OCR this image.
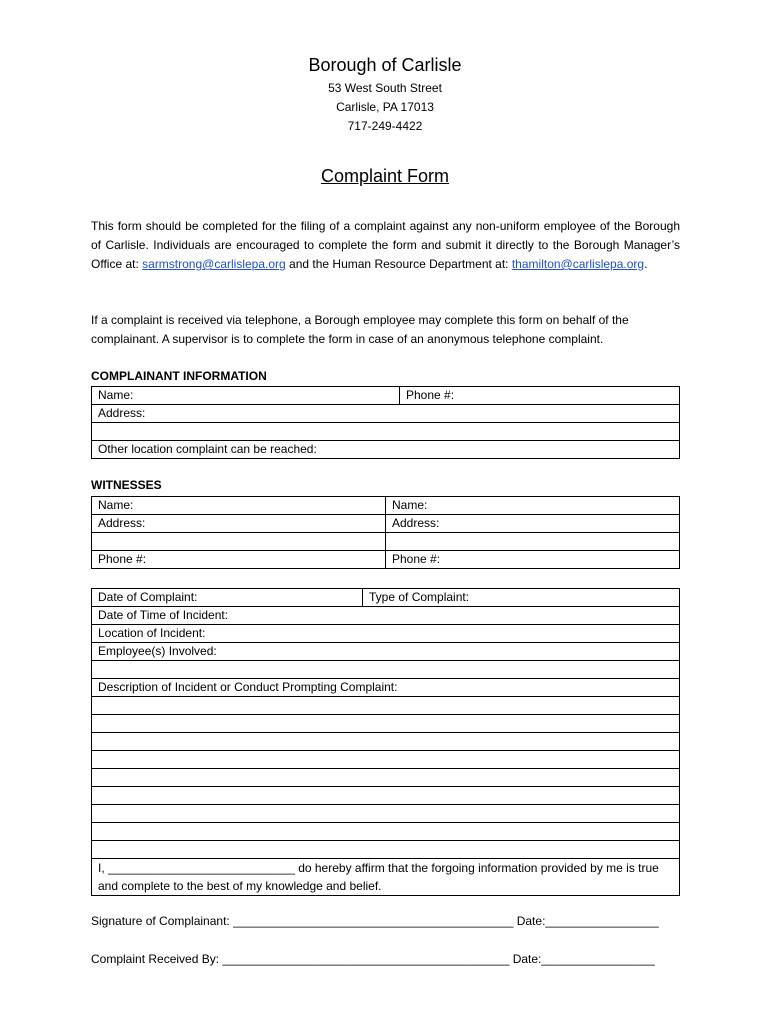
Borough of Carlisle
53 West South Street
Carlisle, PA 17013
717-249-4422
Complaint Form
This form should be completed for the filing of a complaint against any non-uniform employee of the Borough of Carlisle. Individuals are encouraged to complete the form and submit it directly to the Borough Manager’s Office at: sarmstrong@carlislepa.org and the Human Resource Department at: thamilton@carlislepa.org.
If a complaint is received via telephone, a Borough employee may complete this form on behalf of the complainant. A supervisor is to complete the form in case of an anonymous telephone complaint.
COMPLAINANT INFORMATION
Name:	Phone #:
Address:

Other location complaint can be reached:
WITNESSES
Name:	Name:
Address:	Address:

Phone #:	Phone #:
Date of Complaint:	Type of Complaint:
Date of Time of Incident:
Location of Incident:
Employee(s) Involved:

Description of Incident or Conduct Prompting Complaint:

I, ____________________________ do hereby affirm that the forgoing information provided by me is true and complete to the best of my knowledge and belief.
Signature of Complainant: __________________________________________ Date:_________________
Complaint Received By: ___________________________________________ Date:_________________
